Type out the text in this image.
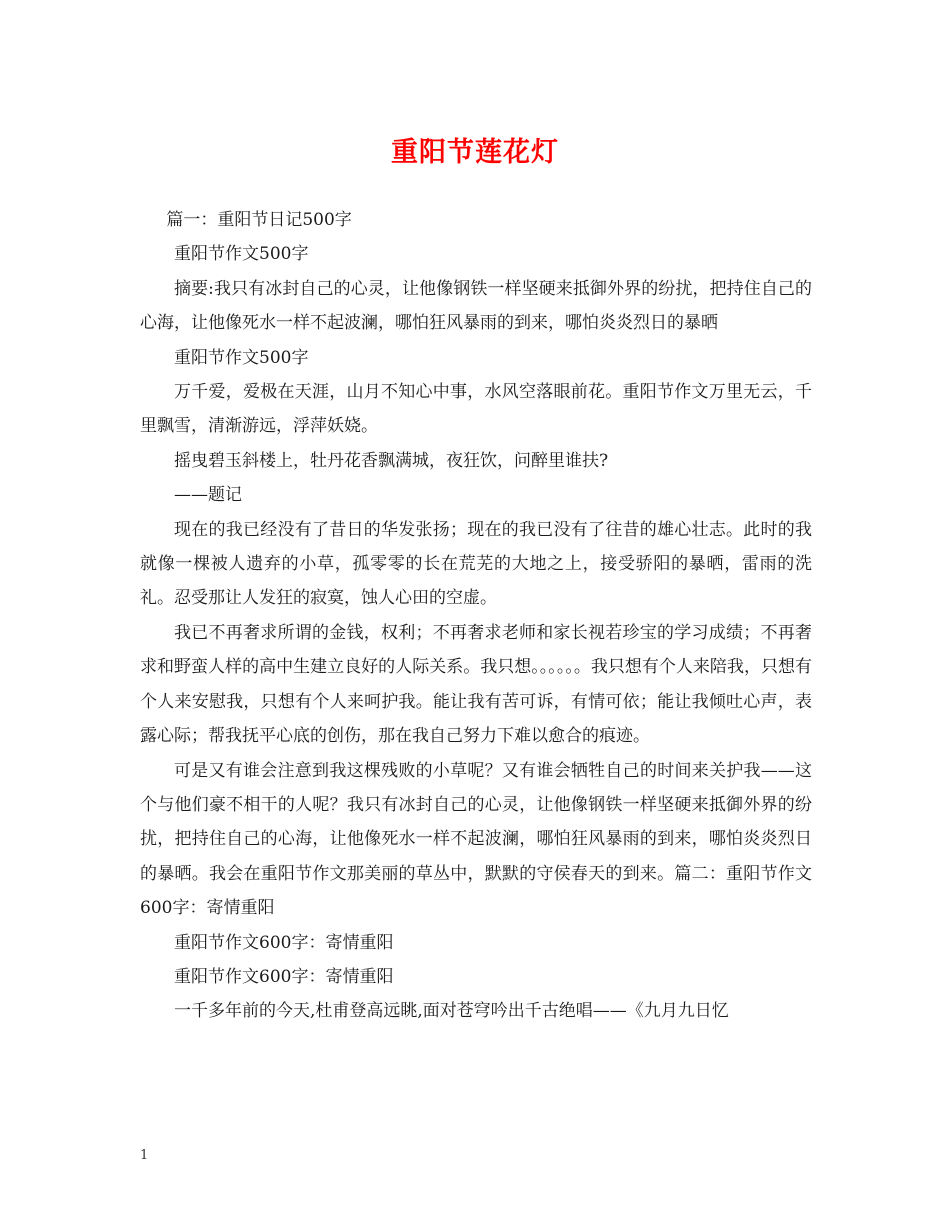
重阳节莲花灯

篇一：重阳节日记500字

重阳节作文500字

摘要:我只有冰封自己的心灵，让他像钢铁一样坚硬来抵御外界的纷扰，把持住自己的心海，让他像死水一样不起波澜，哪怕狂风暴雨的到来，哪怕炎炎烈日的暴晒

重阳节作文500字

万千爱，爱极在天涯，山月不知心中事，水风空落眼前花。重阳节作文万里无云，千里飘雪，清渐游远，浮萍妖娆。

摇曳碧玉斜楼上，牡丹花香飘满城，夜狂饮，问醉里谁扶?

——题记

现在的我已经没有了昔日的华发张扬；现在的我已没有了往昔的雄心壮志。此时的我就像一棵被人遗弃的小草，孤零零的长在荒芜的大地之上，接受骄阳的暴晒，雷雨的洗礼。忍受那让人发狂的寂寞，蚀人心田的空虚。

我已不再奢求所谓的金钱，权利；不再奢求老师和家长视若珍宝的学习成绩；不再奢求和野蛮人样的高中生建立良好的人际关系。我只想。。。。。。我只想有个人来陪我，只想有个人来安慰我，只想有个人来呵护我。能让我有苦可诉，有情可依；能让我倾吐心声，表露心际；帮我抚平心底的创伤，那在我自己努力下难以愈合的痕迹。

可是又有谁会注意到我这棵残败的小草呢？又有谁会牺牲自己的时间来关护我——这个与他们豪不相干的人呢？我只有冰封自己的心灵，让他像钢铁一样坚硬来抵御外界的纷扰，把持住自己的心海，让他像死水一样不起波澜，哪怕狂风暴雨的到来，哪怕炎炎烈日的暴晒。我会在重阳节作文那美丽的草丛中，默默的守侯春天的到来。篇二：重阳节作文600字：寄情重阳

重阳节作文600字：寄情重阳

重阳节作文600字：寄情重阳

一千多年前的今天,杜甫登高远眺,面对苍穹吟出千古绝唱——《九月九日忆

1
